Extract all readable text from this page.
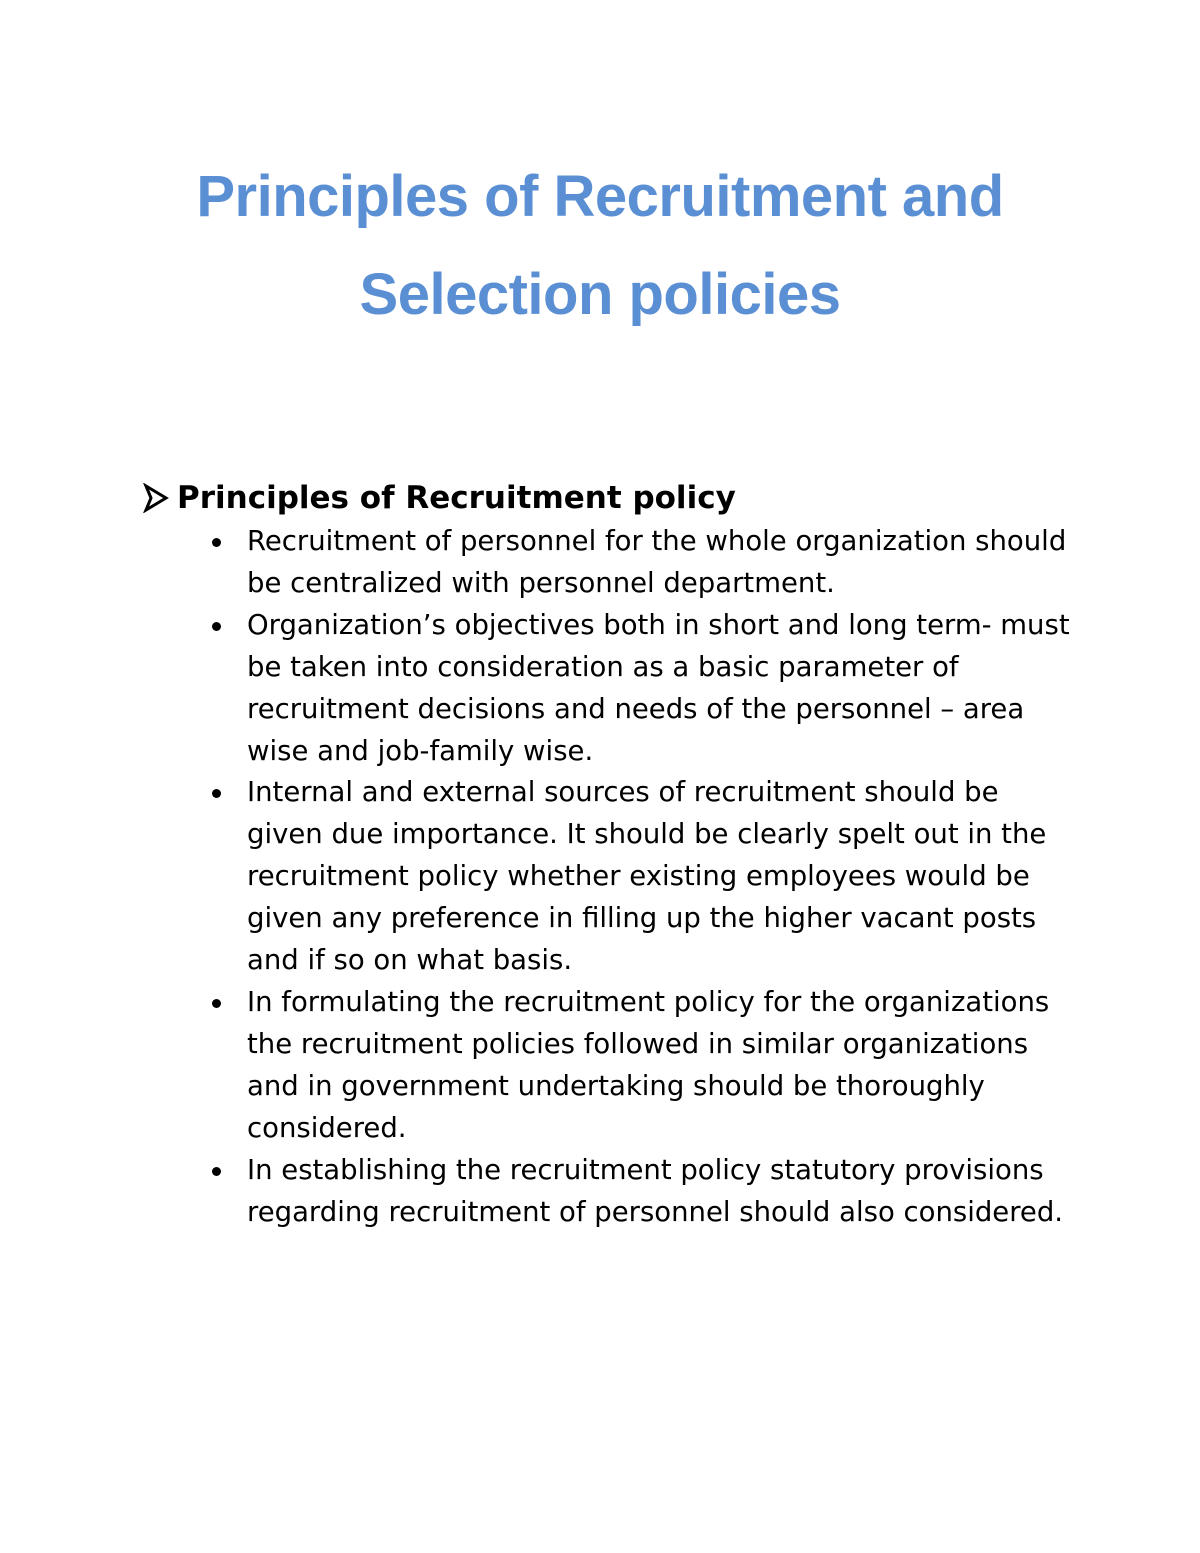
Principles of Recruitment and
Selection policies
Principles of Recruitment policy
Recruitment of personnel for the whole organization should be centralized with personnel department.
Organization’s objectives both in short and long term- must be taken into consideration as a basic parameter of recruitment decisions and needs of the personnel – area wise and job-family wise.
Internal and external sources of recruitment should be given due importance. It should be clearly spelt out in the recruitment policy whether existing employees would be given any preference in filling up the higher vacant posts and if so on what basis.
In formulating the recruitment policy for the organizations the recruitment policies followed in similar organizations and in government undertaking should be thoroughly considered.
In establishing the recruitment policy statutory provisions regarding recruitment of personnel should also considered.
